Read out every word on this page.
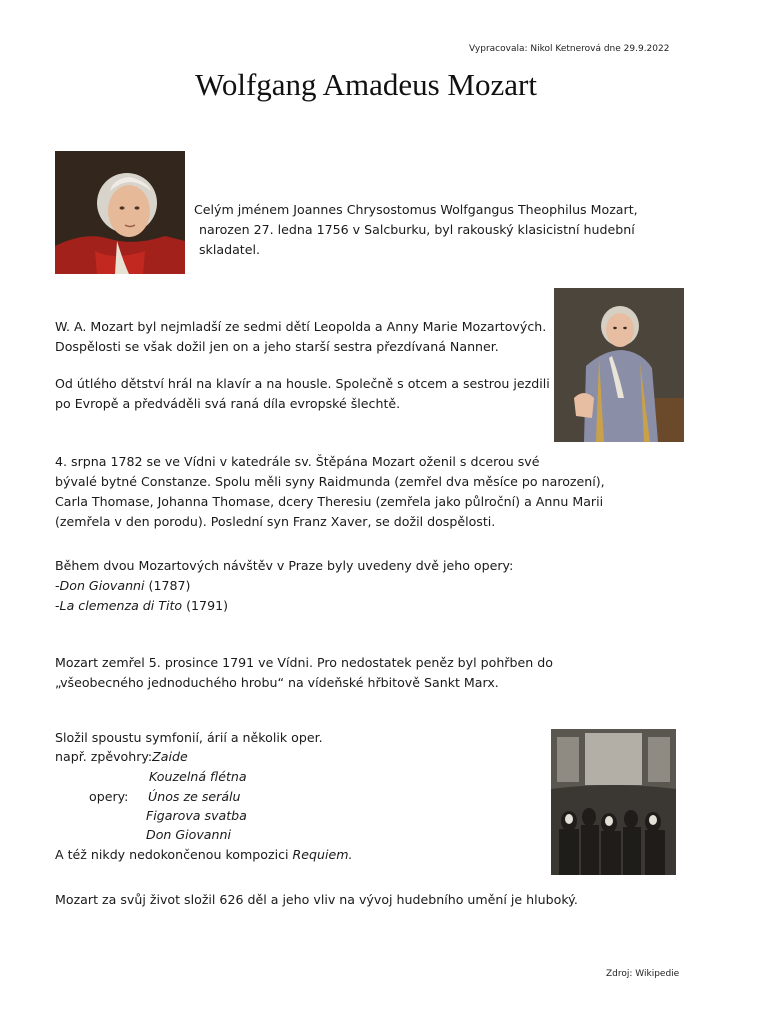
Vypracovala: Nikol Ketnerová dne 29.9.2022
Wolfgang Amadeus Mozart
Celým jménem Joannes Chrysostomus Wolfgangus Theophilus Mozart,
narozen 27. ledna 1756 v Salcburku, byl rakouský klasicistní hudební
skladatel.
W. A. Mozart byl nejmladší ze sedmi dětí Leopolda a Anny Marie Mozartových.
Dospělosti se však dožil jen on a jeho starší sestra přezdívaná Nanner.
Od útlého dětství hrál na klavír a na housle. Společně s otcem a sestrou jezdili
po Evropě a předváděli svá raná díla evropské šlechtě.
4. srpna 1782 se ve Vídni v katedrále sv. Štěpána Mozart oženil s dcerou své
bývalé bytné Constanze. Spolu měli syny Raidmunda (zemřel dva měsíce po narození),
Carla Thomase, Johanna Thomase, dcery Theresiu (zemřela jako půlroční) a Annu Marii
(zemřela v den porodu). Poslední syn Franz Xaver, se dožil dospělosti.
Během dvou Mozartových návštěv v Praze byly uvedeny dvě jeho opery:
-Don Giovanni (1787)
-La clemenza di Tito (1791)
Mozart zemřel 5. prosince 1791 ve Vídni. Pro nedostatek peněz byl pohřben do
„všeobecného jednoduchého hrobu“ na vídeňské hřbitově Sankt Marx.
Složil spoustu symfonií, árií a několik oper.
např. zpěvohry:Zaide
Kouzelná flétna
opery: Únos ze serálu
Figarova svatba
Don Giovanni
A též nikdy nedokončenou kompozici Requiem.
Mozart za svůj život složil 626 děl a jeho vliv na vývoj hudebního umění je hluboký.
Zdroj: Wikipedie
